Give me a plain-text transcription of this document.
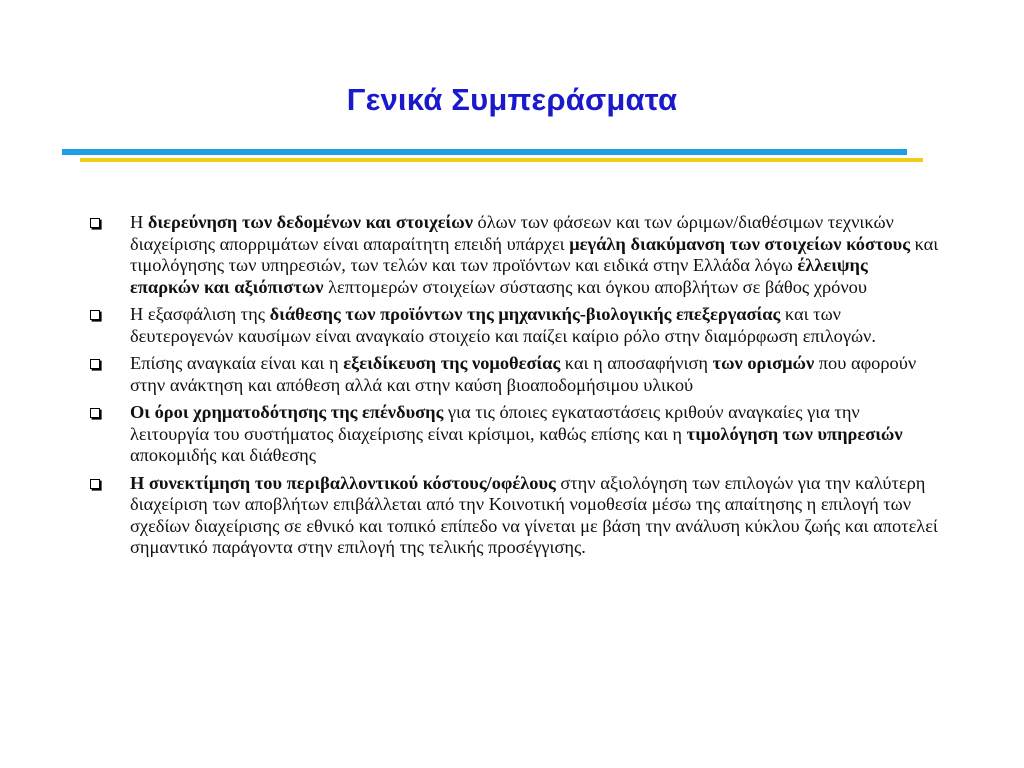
Γενικά Συμπεράσματα
Η διερεύνηση των δεδομένων και στοιχείων όλων των φάσεων και των ώριμων/διαθέσιμων τεχνικών διαχείρισης απορριμάτων είναι απαραίτητη επειδή υπάρχει μεγάλη διακύμανση των στοιχείων κόστους και τιμολόγησης των υπηρεσιών, των τελών και των προϊόντων και ειδικά στην Ελλάδα λόγω έλλειψης επαρκών και αξιόπιστων λεπτομερών στοιχείων σύστασης και όγκου αποβλήτων σε βάθος χρόνου
Η εξασφάλιση της διάθεσης των προϊόντων της μηχανικής-βιολογικής επεξεργασίας και των δευτερογενών καυσίμων είναι αναγκαίο στοιχείο και παίζει καίριο ρόλο στην διαμόρφωση επιλογών.
Επίσης αναγκαία είναι και η εξειδίκευση της νομοθεσίας και η αποσαφήνιση των ορισμών που αφορούν στην ανάκτηση και απόθεση αλλά και στην καύση βιοαποδομήσιμου υλικού
Οι όροι χρηματοδότησης της επένδυσης για τις όποιες εγκαταστάσεις κριθούν αναγκαίες για την λειτουργία του συστήματος διαχείρισης είναι κρίσιμοι, καθώς επίσης και η τιμολόγηση των υπηρεσιών αποκομιδής και διάθεσης
Η συνεκτίμηση του περιβαλλοντικού κόστους/οφέλους στην αξιολόγηση των επιλογών για την καλύτερη διαχείριση των αποβλήτων επιβάλλεται από την Κοινοτική νομοθεσία μέσω της απαίτησης η επιλογή των σχεδίων διαχείρισης σε εθνικό και τοπικό επίπεδο να γίνεται με βάση την ανάλυση κύκλου ζωής και αποτελεί σημαντικό παράγοντα στην επιλογή της τελικής προσέγγισης.
